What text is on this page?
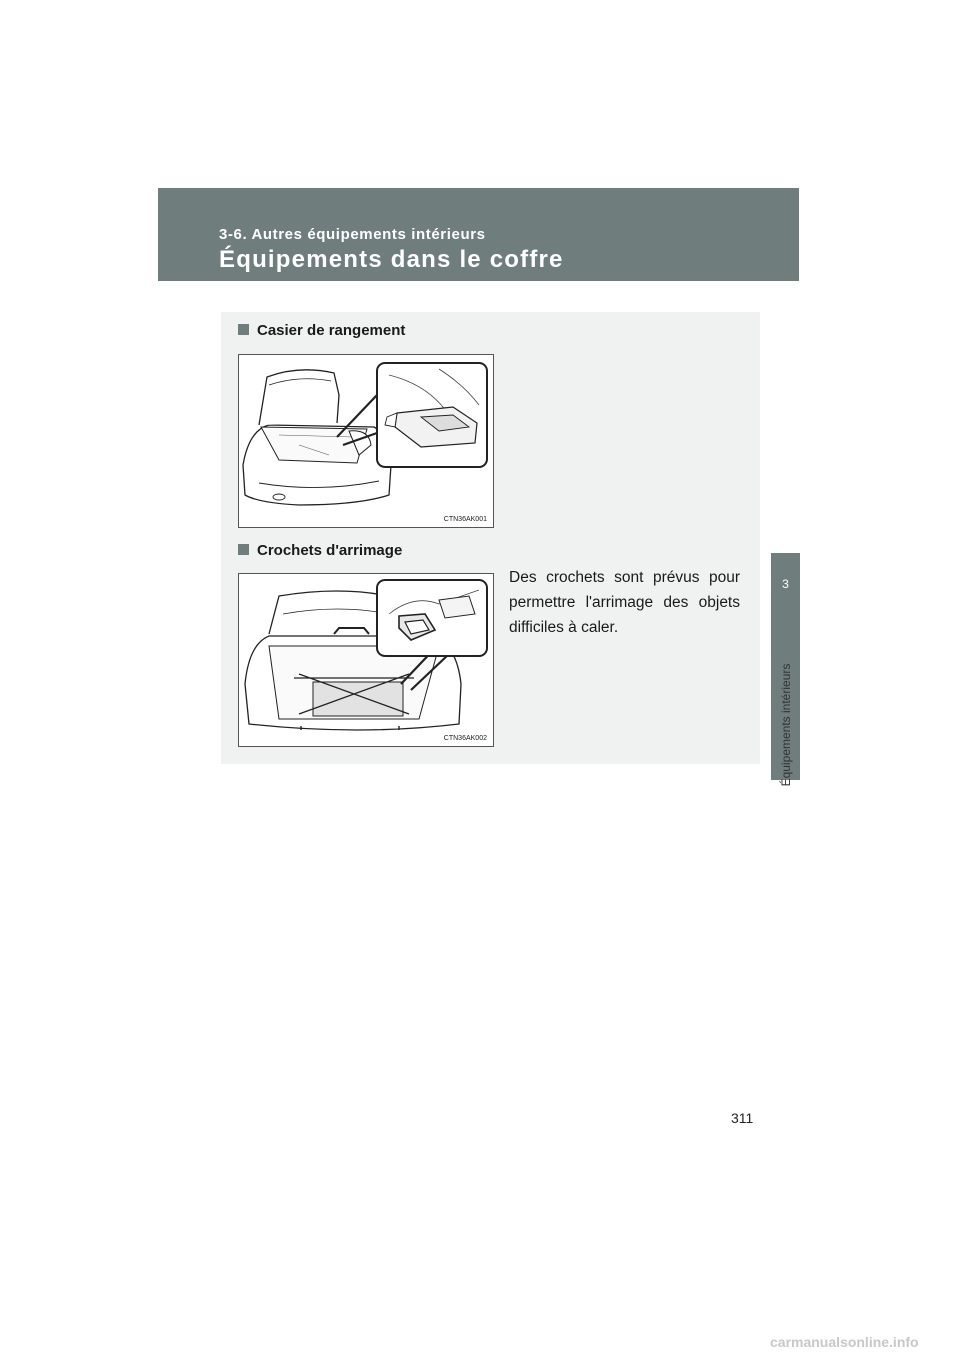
3-6. Autres équipements intérieurs
Équipements dans le coffre
3
Équipements intérieurs
Casier de rangement
CTN36AK001
Crochets d'arrimage
CTN36AK002
Des crochets sont prévus pour permettre l'arrimage des objets difficiles à caler.
311
carmanualsonline.info
